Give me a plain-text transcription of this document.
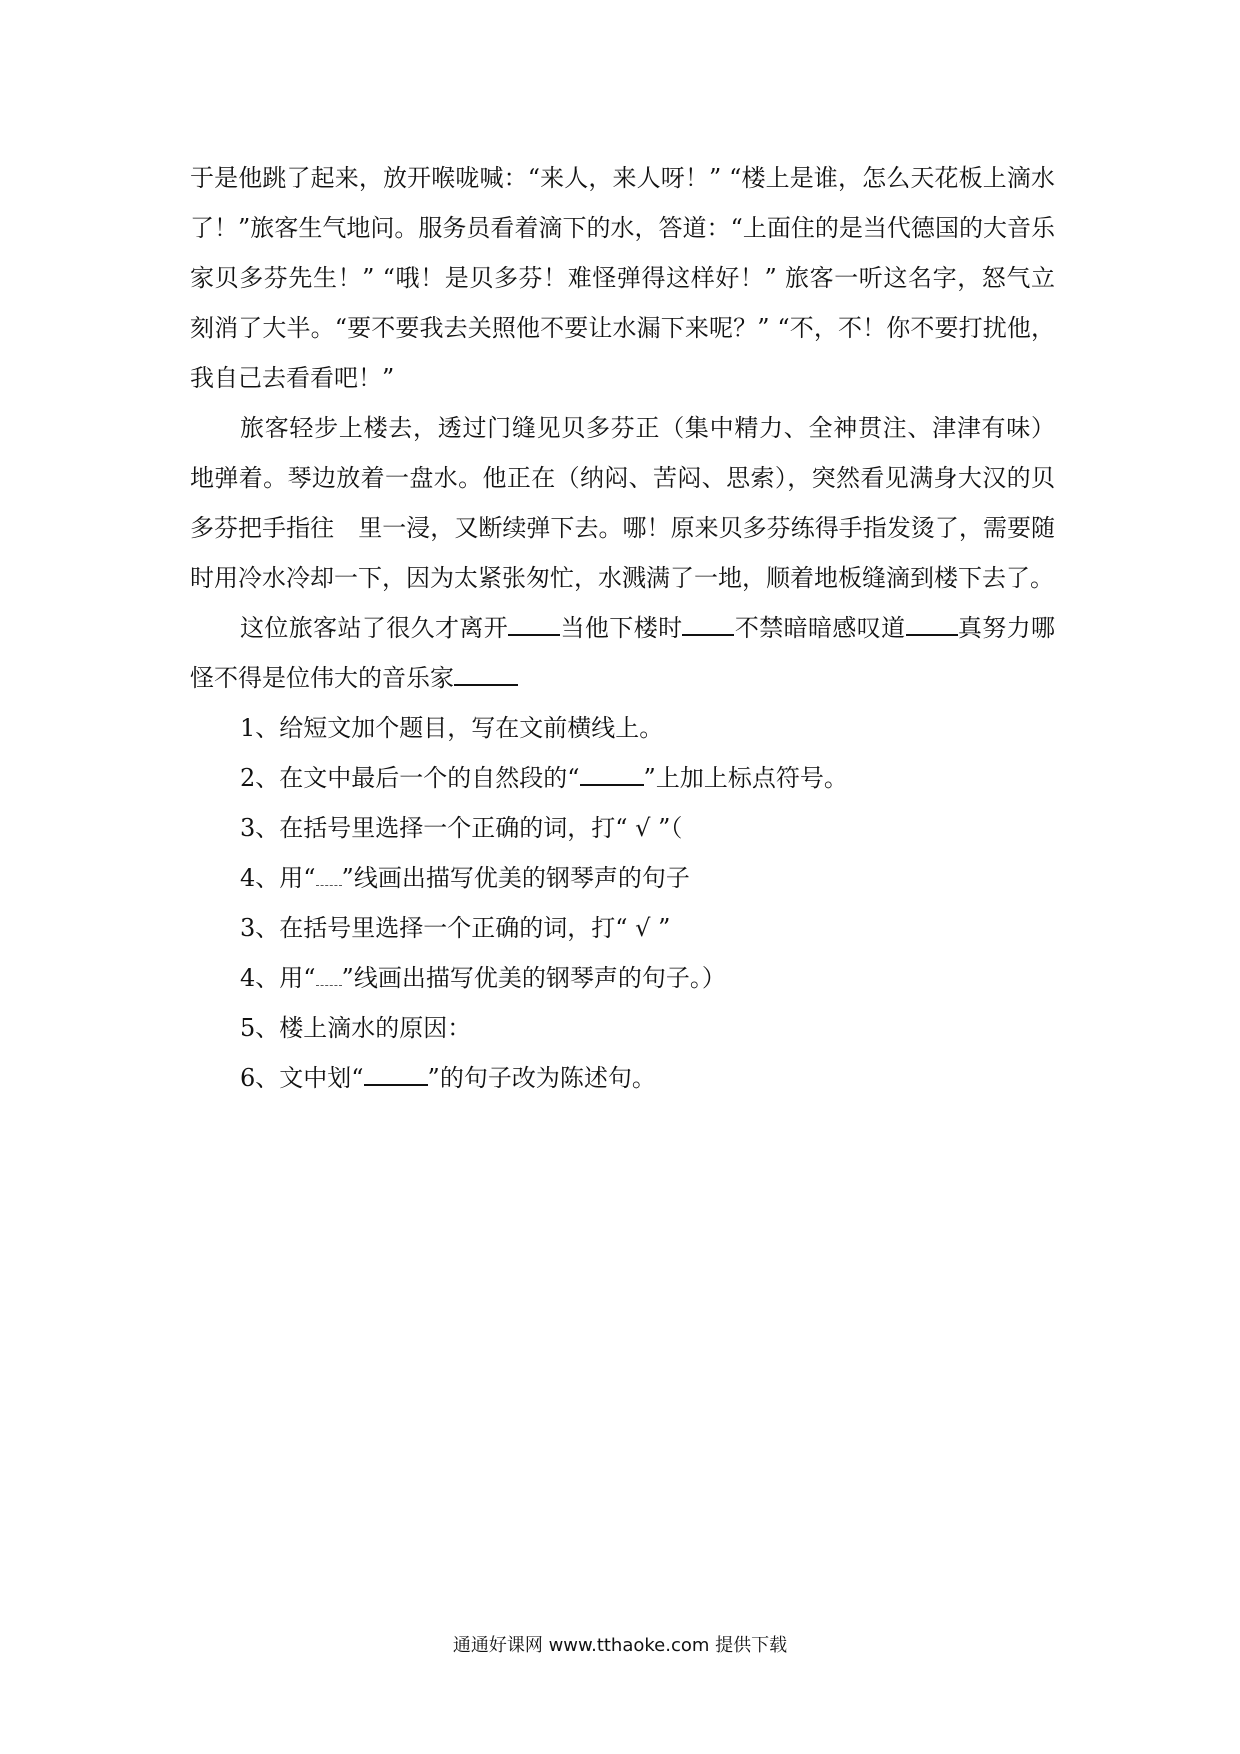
于是他跳了起来，放开喉咙喊：“来人，来人呀！” “楼上是谁，怎么天花板上滴水了！”旅客生气地问。服务员看着滴下的水，答道：“上面住的是当代德国的大音乐家贝多芬先生！” “哦！是贝多芬！难怪弹得这样好！” 旅客一听这名字，怒气立刻消了大半。“要不要我去关照他不要让水漏下来呢？” “不，不！你不要打扰他，我自己去看看吧！”

旅客轻步上楼去，透过门缝见贝多芬正（集中精力、全神贯注、津津有味）地弹着。琴边放着一盘水。他正在（纳闷、苦闷、思索），突然看见满身大汉的贝多芬把手指往　里一浸，又断续弹下去。哪！原来贝多芬练得手指发烫了，需要随时用冷水冷却一下，因为太紧张匆忙，水溅满了一地，顺着地板缝滴到楼下去了。

这位旅客站了很久才离开 当他下楼时 不禁暗暗感叹道 真努力哪怪不得是位伟大的音乐家

1、给短文加个题目，写在文前横线上。
2、在文中最后一个的自然段的“	”上加上标点符号。
3、在括号里选择一个正确的词，打“ √ ”（
4、用“ ”线画出描写优美的钢琴声的句子
3、在括号里选择一个正确的词，打“ √ ”
4、用“ ”线画出描写优美的钢琴声的句子。）
5、楼上滴水的原因：
6、文中划“	”的句子改为陈述句。
通通好课网 www.tthaoke.com 提供下载
